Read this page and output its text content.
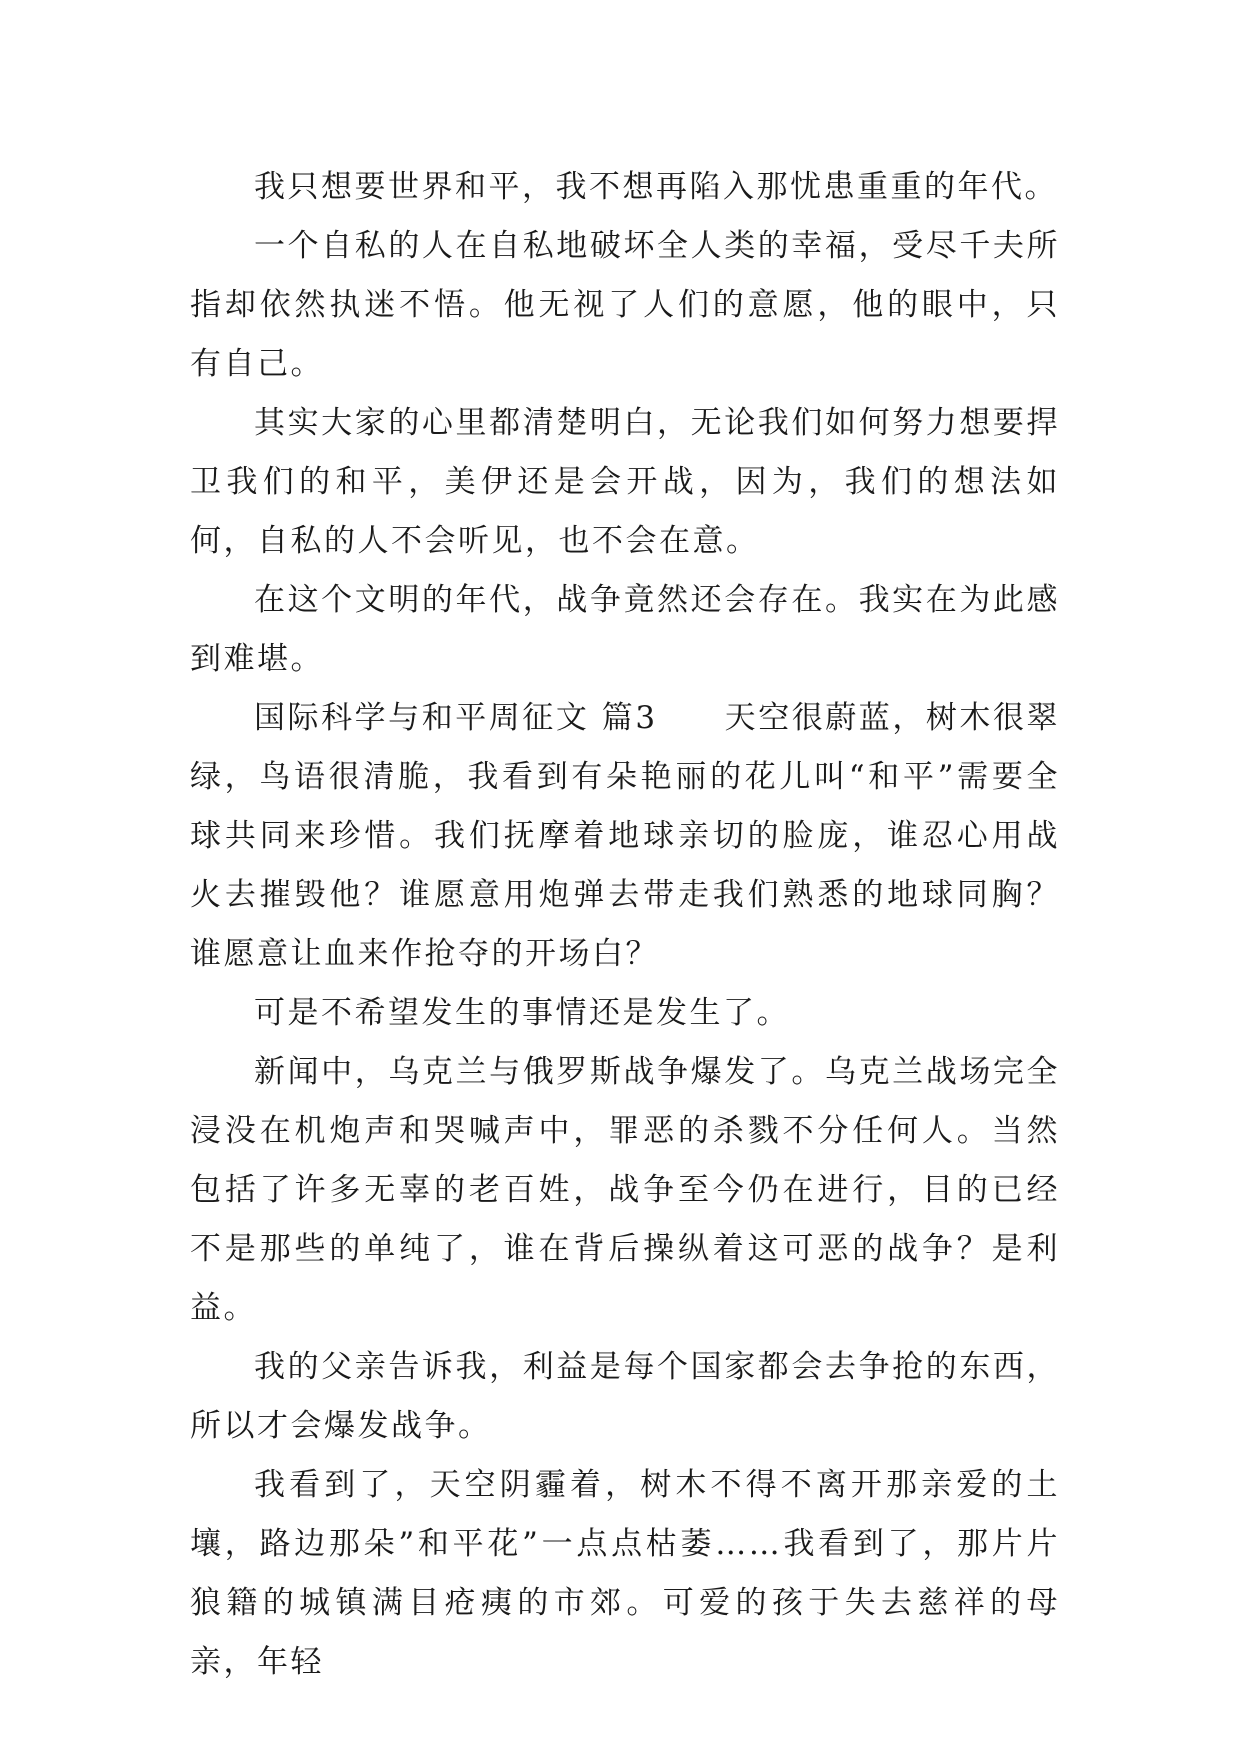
我只想要世界和平，我不想再陷入那忧患重重的年代。

一个自私的人在自私地破坏全人类的幸福，受尽千夫所指却依然执迷不悟。他无视了人们的意愿，他的眼中，只有自己。

其实大家的心里都清楚明白，无论我们如何努力想要捍卫我们的和平，美伊还是会开战，因为，我们的想法如何，自私的人不会听见，也不会在意。

在这个文明的年代，战争竟然还会存在。我实在为此感到难堪。

国际科学与和平周征文 篇3　　天空很蔚蓝，树木很翠绿，鸟语很清脆，我看到有朵艳丽的花儿叫“和平”需要全球共同来珍惜。我们抚摩着地球亲切的脸庞，谁忍心用战火去摧毁他？谁愿意用炮弹去带走我们熟悉的地球同胸？谁愿意让血来作抢夺的开场白？

可是不希望发生的事情还是发生了。

新闻中，乌克兰与俄罗斯战争爆发了。乌克兰战场完全浸没在机炮声和哭喊声中，罪恶的杀戮不分任何人。当然包括了许多无辜的老百姓，战争至今仍在进行，目的已经不是那些的单纯了，谁在背后操纵着这可恶的战争？是利益。

我的父亲告诉我，利益是每个国家都会去争抢的东西，所以才会爆发战争。

我看到了，天空阴霾着，树木不得不离开那亲爱的土壤，路边那朵”和平花”一点点枯萎……我看到了，那片片狼籍的城镇满目疮痍的市郊。可爱的孩于失去慈祥的母亲，年轻
